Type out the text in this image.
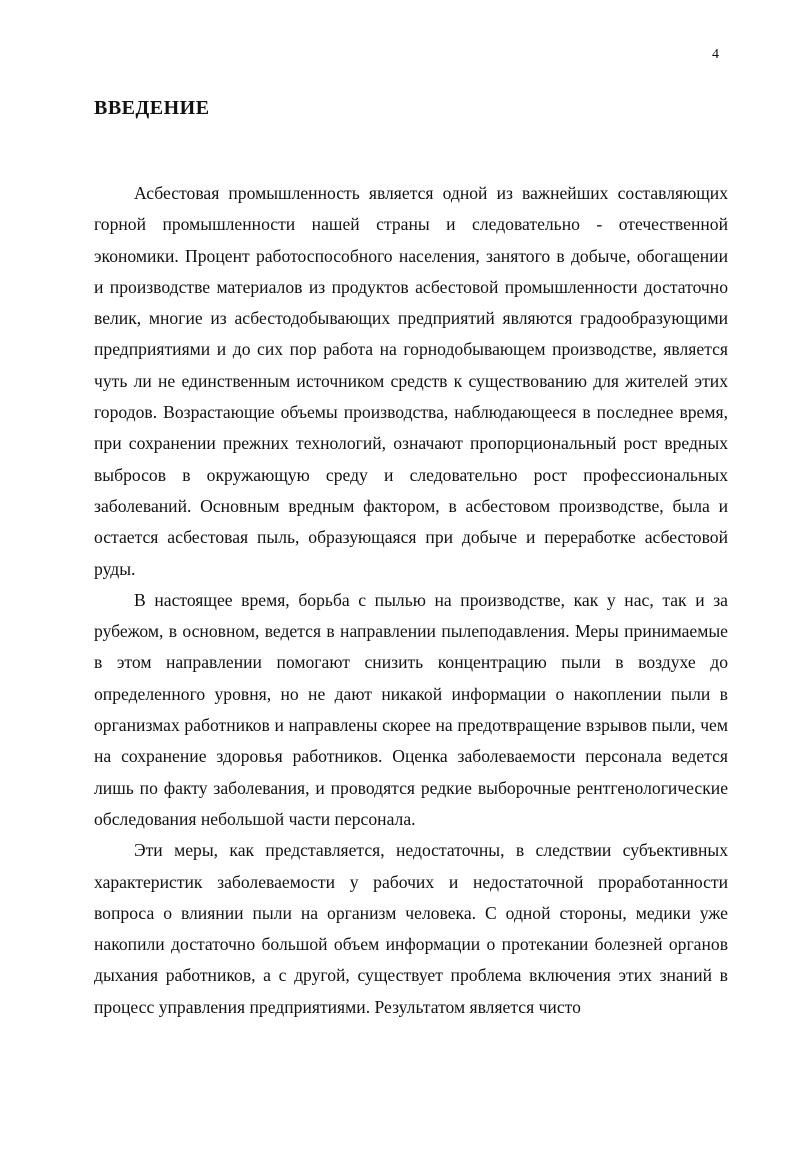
4
ВВЕДЕНИЕ

Асбестовая промышленность является одной из важнейших составляющих горной промышленности нашей страны и следовательно - отечественной экономики. Процент работоспособного населения, занятого в добыче, обогащении и производстве материалов из продуктов асбестовой промышленности достаточно велик, многие из асбестодобывающих предприятий являются градообразующими предприятиями и до сих пор работа на горнодобывающем производстве, является чуть ли не единственным источником средств к существованию для жителей этих городов. Возрастающие объемы производства, наблюдающееся в последнее время, при сохранении прежних технологий, означают пропорциональный рост вредных выбросов в окружающую среду и следовательно рост профессиональных заболеваний. Основным вредным фактором, в асбестовом производстве, была и остается асбестовая пыль, образующаяся при добыче и переработке асбестовой руды.

В настоящее время, борьба с пылью на производстве, как у нас, так и за рубежом, в основном, ведется в направлении пылеподавления. Меры принимаемые в этом направлении помогают снизить концентрацию пыли в воздухе до определенного уровня, но не дают никакой информации о накоплении пыли в организмах работников и направлены скорее на предотвращение взрывов пыли, чем на сохранение здоровья работников. Оценка заболеваемости персонала ведется лишь по факту заболевания, и проводятся редкие выборочные рентгенологические обследования небольшой части персонала.

Эти меры, как представляется, недостаточны, в следствии субъективных характеристик заболеваемости у рабочих и недостаточной проработанности вопроса о влиянии пыли на организм человека. С одной стороны, медики уже накопили достаточно большой объем информации о протекании болезней органов дыхания работников, а с другой, существует проблема включения этих знаний в процесс управления предприятиями. Результатом является чисто
